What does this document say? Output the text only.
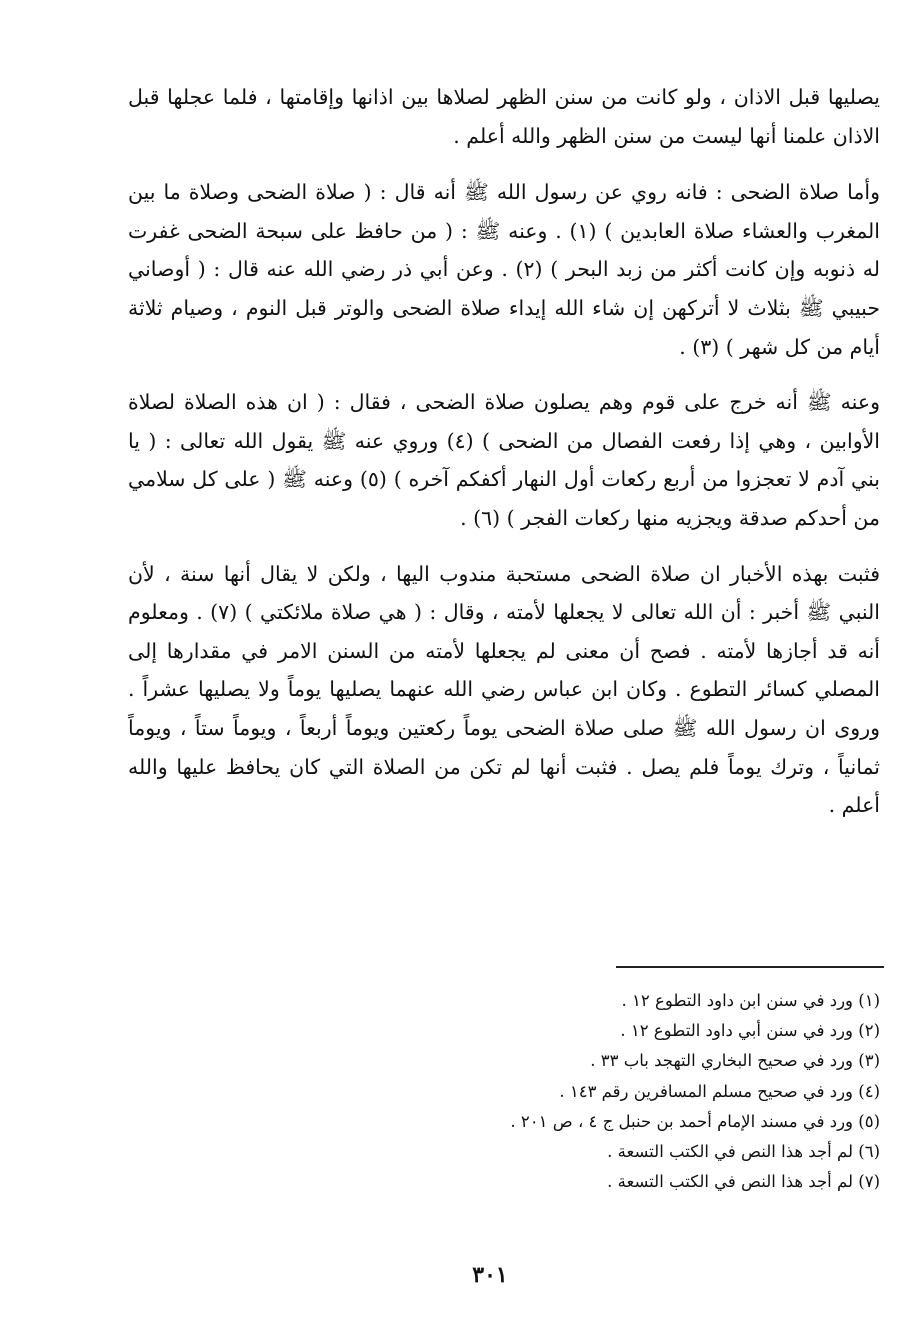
يصليها قبل الاذان ، ولو كانت من سنن الظهر لصلاها بين اذانها وإقامتها ، فلما عجلها قبل الاذان علمنا أنها ليست من سنن الظهر والله أعلم .

وأما صلاة الضحى : فانه روي عن رسول الله ﷺ أنه قال : ( صلاة الضحى وصلاة ما بين المغرب والعشاء صلاة العابدين ) (١) . وعنه ﷺ : ( من حافظ على سبحة الضحى غفرت له ذنوبه وإن كانت أكثر من زبد البحر ) (٢) . وعن أبي ذر رضي الله عنه قال : ( أوصاني حبيبي ﷺ بثلاث لا أتركهن إن شاء الله إيداء صلاة الضحى والوتر قبل النوم ، وصيام ثلاثة أيام من كل شهر ) (٣) .

وعنه ﷺ أنه خرج على قوم وهم يصلون صلاة الضحى ، فقال : ( ان هذه الصلاة لصلاة الأوابين ، وهي إذا رفعت الفصال من الضحى ) (٤) وروي عنه ﷺ يقول الله تعالى : ( يا بني آدم لا تعجزوا من أربع ركعات أول النهار أكفكم آخره ) (٥) وعنه ﷺ ( على كل سلامي من أحدكم صدقة ويجزيه منها ركعات الفجر ) (٦) .

فثبت بهذه الأخبار ان صلاة الضحى مستحبة مندوب اليها ، ولكن لا يقال أنها سنة ، لأن النبي ﷺ أخبر : أن الله تعالى لا يجعلها لأمته ، وقال : ( هي صلاة ملائكتي ) (٧) . ومعلوم أنه قد أجازها لأمته . فصح أن معنى لم يجعلها لأمته من السنن الامر في مقدارها إلى المصلي كسائر التطوع . وكان ابن عباس رضي الله عنهما يصليها يوماً ولا يصليها عشراً . وروى ان رسول الله ﷺ صلى صلاة الضحى يوماً ركعتين ويوماً أربعاً ، ويوماً ستاً ، ويوماً ثمانياً ، وترك يوماً فلم يصل . فثبت أنها لم تكن من الصلاة التي كان يحافظ عليها والله أعلم .

(١) ورد في سنن ابن داود التطوع ١٢ .
(٢) ورد في سنن أبي داود التطوع ١٢ .
(٣) ورد في صحيح البخاري التهجد باب ٣٣ .
(٤) ورد في صحيح مسلم المسافرين رقم ١٤٣ .
(٥) ورد في مسند الإمام أحمد بن حنبل ج ٤ ، ص ٢٠١ .
(٦) لم أجد هذا النص في الكتب التسعة .
(٧) لم أجد هذا النص في الكتب التسعة .
٣٠١
